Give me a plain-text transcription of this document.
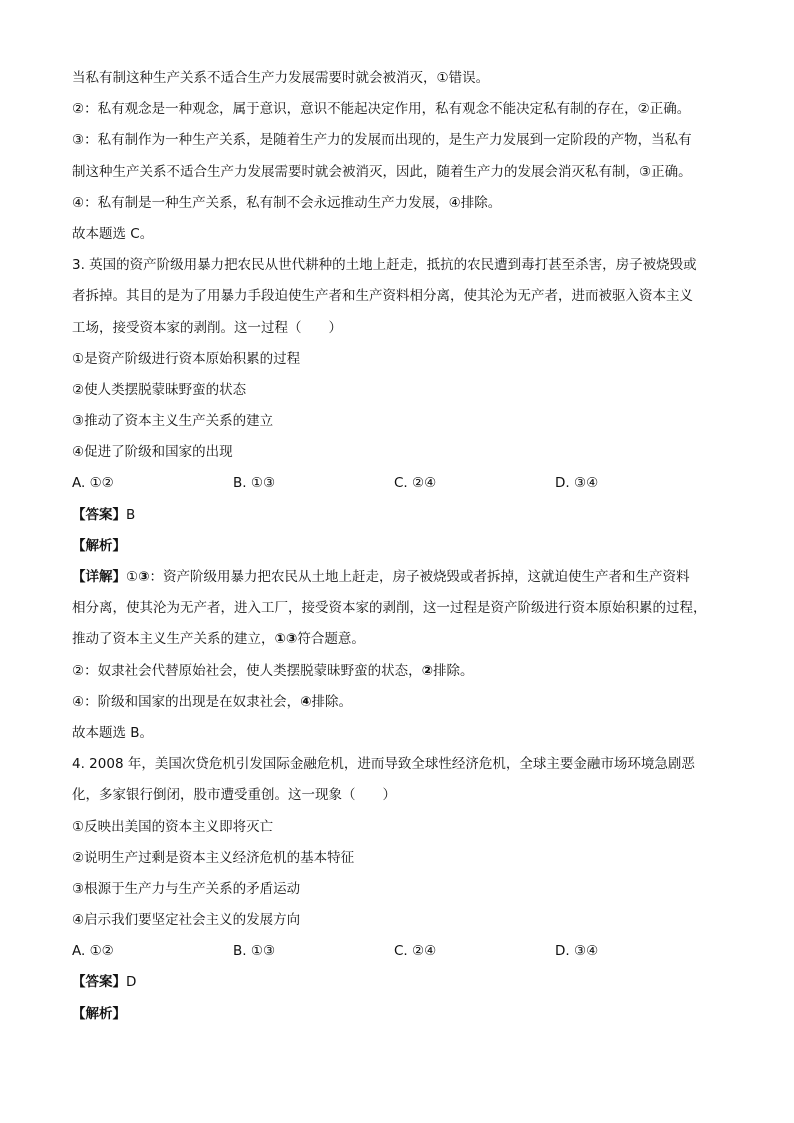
当私有制这种生产关系不适合生产力发展需要时就会被消灭，①错误。
②：私有观念是一种观念，属于意识，意识不能起决定作用，私有观念不能决定私有制的存在，②正确。
③：私有制作为一种生产关系，是随着生产力的发展而出现的，是生产力发展到一定阶段的产物，当私有
制这种生产关系不适合生产力发展需要时就会被消灭，因此，随着生产力的发展会消灭私有制，③正确。
④：私有制是一种生产关系，私有制不会永远推动生产力发展，④排除。
故本题选 C。
3. 英国的资产阶级用暴力把农民从世代耕种的土地上赶走，抵抗的农民遭到毒打甚至杀害，房子被烧毁或
者拆掉。其目的是为了用暴力手段迫使生产者和生产资料相分离，使其沦为无产者，进而被驱入资本主义
工场，接受资本家的剥削。这一过程（　　）
①是资产阶级进行资本原始积累的过程
②使人类摆脱蒙昧野蛮的状态
③推动了资本主义生产关系的建立
④促进了阶级和国家的出现
A. ①②	B. ①③	C. ②④	D. ③④
【答案】B
【解析】
【详解】①③：资产阶级用暴力把农民从土地上赶走，房子被烧毁或者拆掉，这就迫使生产者和生产资料
相分离，使其沦为无产者，进入工厂，接受资本家的剥削，这一过程是资产阶级进行资本原始积累的过程，
推动了资本主义生产关系的建立，①③符合题意。
②：奴隶社会代替原始社会，使人类摆脱蒙昧野蛮的状态，②排除。
④：阶级和国家的出现是在奴隶社会，④排除。
故本题选 B。
4. 2008 年，美国次贷危机引发国际金融危机，进而导致全球性经济危机，全球主要金融市场环境急剧恶
化，多家银行倒闭，股市遭受重创。这一现象（　　）
①反映出美国的资本主义即将灭亡
②说明生产过剩是资本主义经济危机的基本特征
③根源于生产力与生产关系的矛盾运动
④启示我们要坚定社会主义的发展方向
A. ①②	B. ①③	C. ②④	D. ③④
【答案】D
【解析】
